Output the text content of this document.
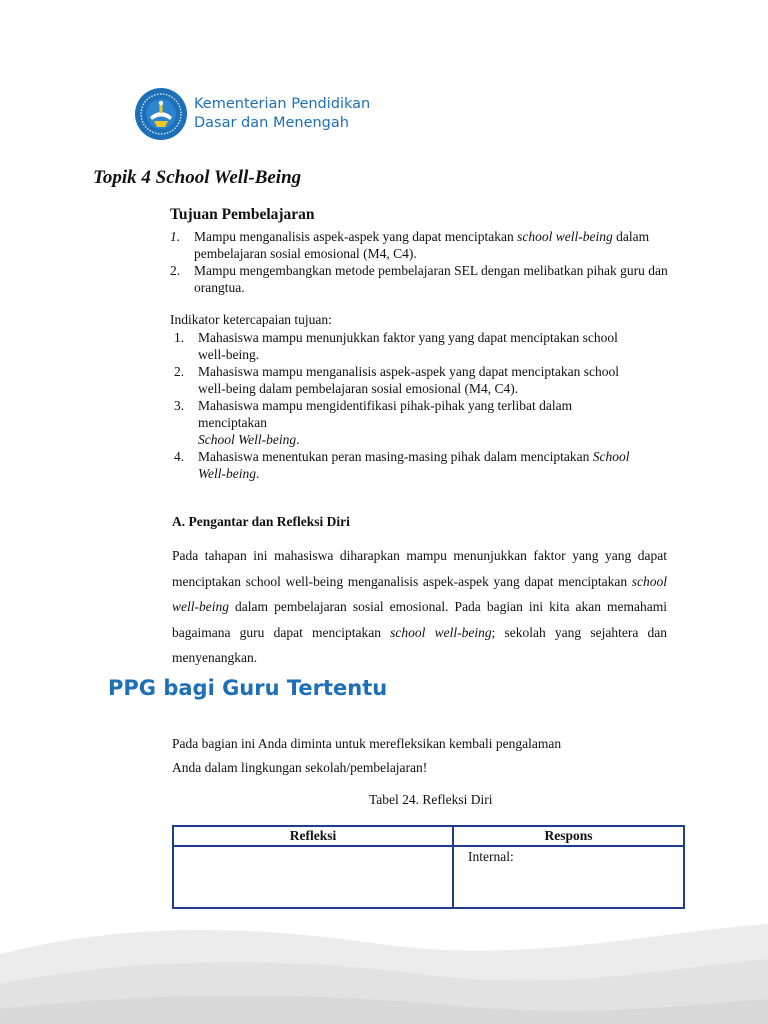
Kementerian Pendidikan
Dasar dan Menengah
Topik 4 School Well-Being
Tujuan Pembelajaran
1. Mampu menganalisis aspek-aspek yang dapat menciptakan school well-being dalam pembelajaran sosial emosional (M4, C4).
2. Mampu mengembangkan metode pembelajaran SEL dengan melibatkan pihak guru dan orangtua.
Indikator ketercapaian tujuan:
1. Mahasiswa mampu menunjukkan faktor yang yang dapat menciptakan school well-being.
2. Mahasiswa mampu menganalisis aspek-aspek yang dapat menciptakan school well-being dalam pembelajaran sosial emosional (M4, C4).
3. Mahasiswa mampu mengidentifikasi pihak-pihak yang terlibat dalam menciptakan
School Well-being.
4. Mahasiswa menentukan peran masing-masing pihak dalam menciptakan School Well-being.
A. Pengantar dan Refleksi Diri

Pada tahapan ini mahasiswa diharapkan mampu menunjukkan faktor yang yang dapat menciptakan school well-being menganalisis aspek-aspek yang dapat menciptakan school well-being dalam pembelajaran sosial emosional. Pada bagian ini kita akan memahami bagaimana guru dapat menciptakan school well-being; sekolah yang sejahtera dan menyenangkan.

PPG bagi Guru Tertentu

Pada bagian ini Anda diminta untuk merefleksikan kembali pengalaman
Anda dalam lingkungan sekolah/pembelajaran!

Tabel 24. Refleksi Diri
Refleksi	Respons
	Internal:
